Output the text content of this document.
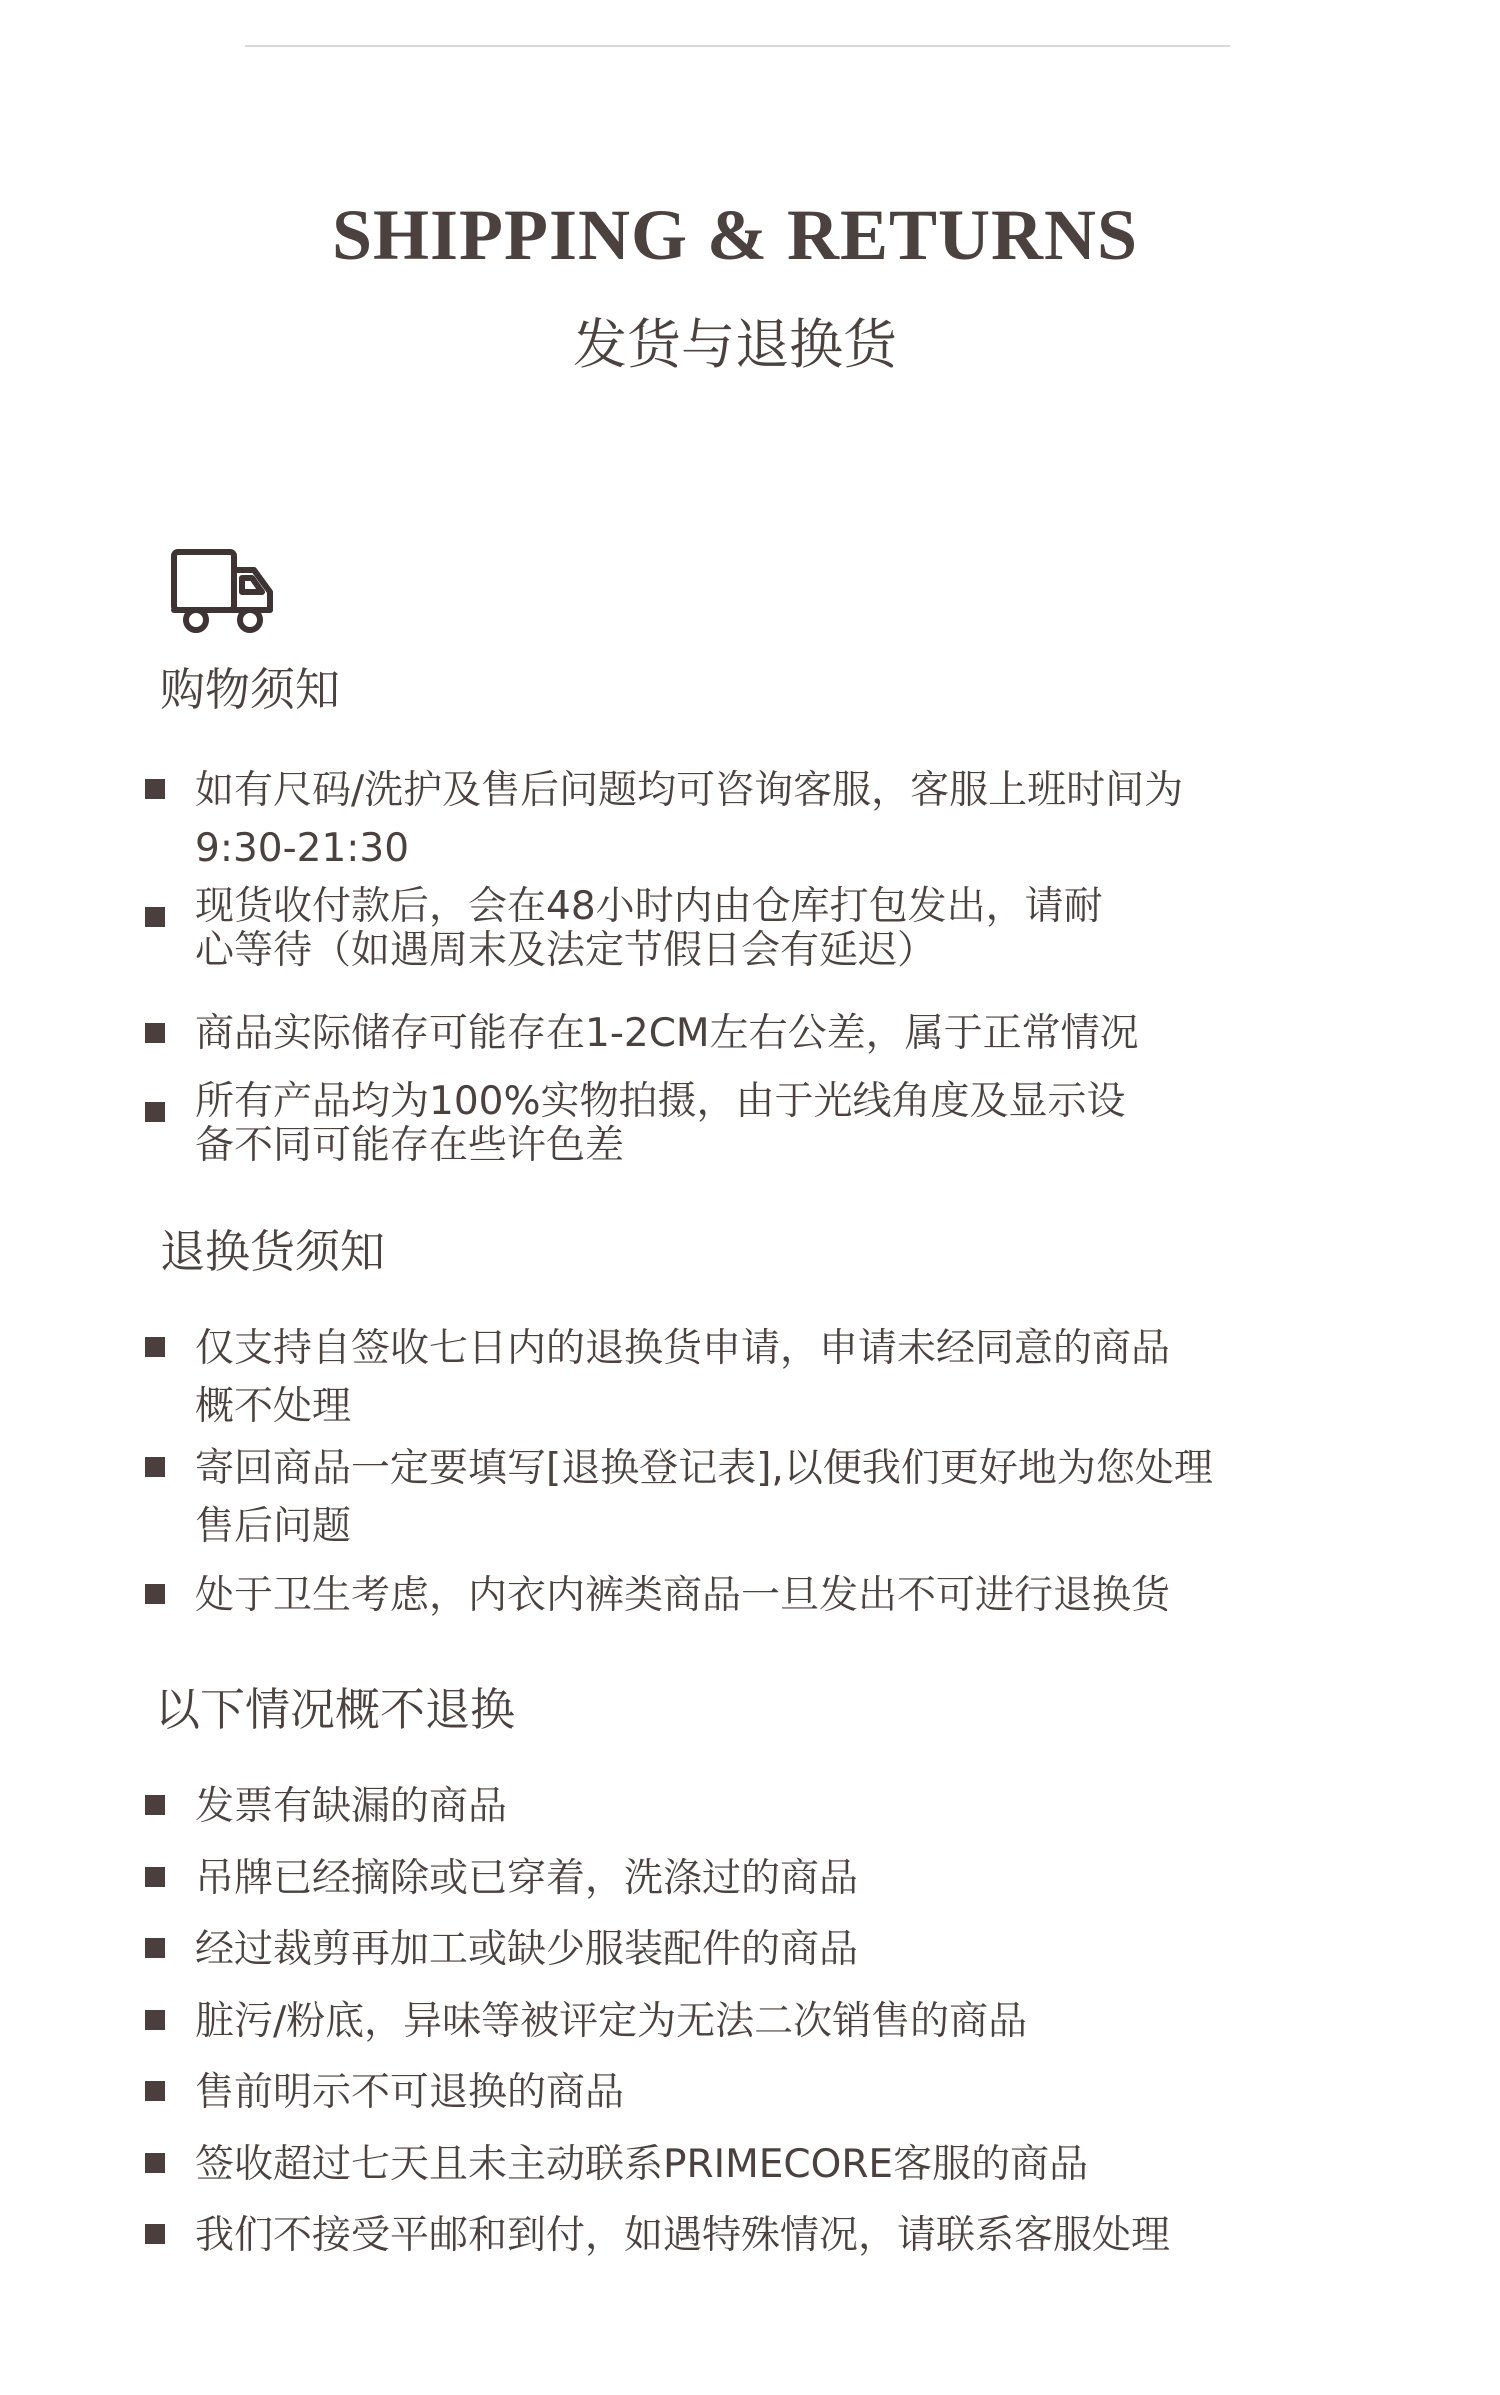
SHIPPING & RETURNS
发货与退换货
购物须知
如有尺码/洗护及售后问题均可咨询客服，客服上班时间为
9:30-21:30
现货收付款后，会在48小时内由仓库打包发出，请耐
心等待（如遇周末及法定节假日会有延迟）
商品实际储存可能存在1-2CM左右公差，属于正常情况
所有产品均为100%实物拍摄，由于光线角度及显示设
备不同可能存在些许色差
退换货须知
仅支持自签收七日内的退换货申请，申请未经同意的商品
概不处理
寄回商品一定要填写[退换登记表],以便我们更好地为您处理
售后问题
处于卫生考虑，内衣内裤类商品一旦发出不可进行退换货
以下情况概不退换
发票有缺漏的商品
吊牌已经摘除或已穿着，洗涤过的商品
经过裁剪再加工或缺少服装配件的商品
脏污/粉底，异味等被评定为无法二次销售的商品
售前明示不可退换的商品
签收超过七天且未主动联系PRIMECORE客服的商品
我们不接受平邮和到付，如遇特殊情况，请联系客服处理
